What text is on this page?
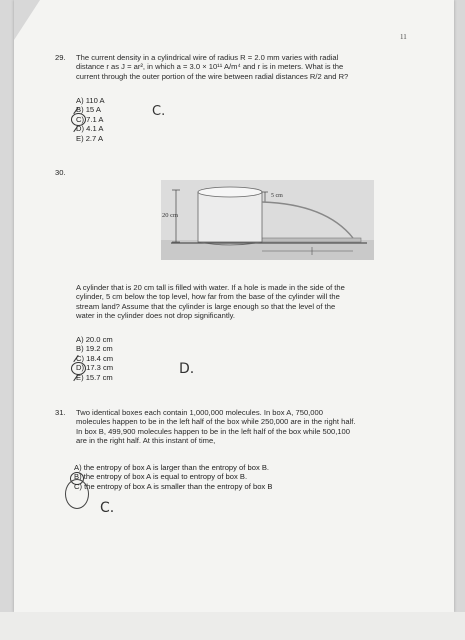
11
29. The current density in a cylindrical wire of radius R = 2.0 mm varies with radial
distance r as J = ar², in which a = 3.0 × 10¹¹ A/m⁴ and r is in meters. What is the
current through the outer portion of the wire between radial distances R/2 and R?
A) 110 A
B) 15 A
C) 7.1 A
D) 4.1 A
E) 2.7 A
C.
30.
20 cm
5 cm
A cylinder that is 20 cm tall is filled with water. If a hole is made in the side of the
cylinder, 5 cm below the top level, how far from the base of the cylinder will the
stream land? Assume that the cylinder is large enough so that the level of the
water in the cylinder does not drop significantly.
A) 20.0 cm
B) 19.2 cm
C) 18.4 cm
D) 17.3 cm
E) 15.7 cm
D.
31. Two identical boxes each contain 1,000,000 molecules. In box A, 750,000
molecules happen to be in the left half of the box while 250,000 are in the right half.
In box B, 499,900 molecules happen to be in the left half of the box while 500,100
are in the right half. At this instant of time,
A) the entropy of box A is larger than the entropy of box B.
B) the entropy of box A is equal to entropy of box B.
C) the entropy of box A is smaller than the entropy of box B
C.
